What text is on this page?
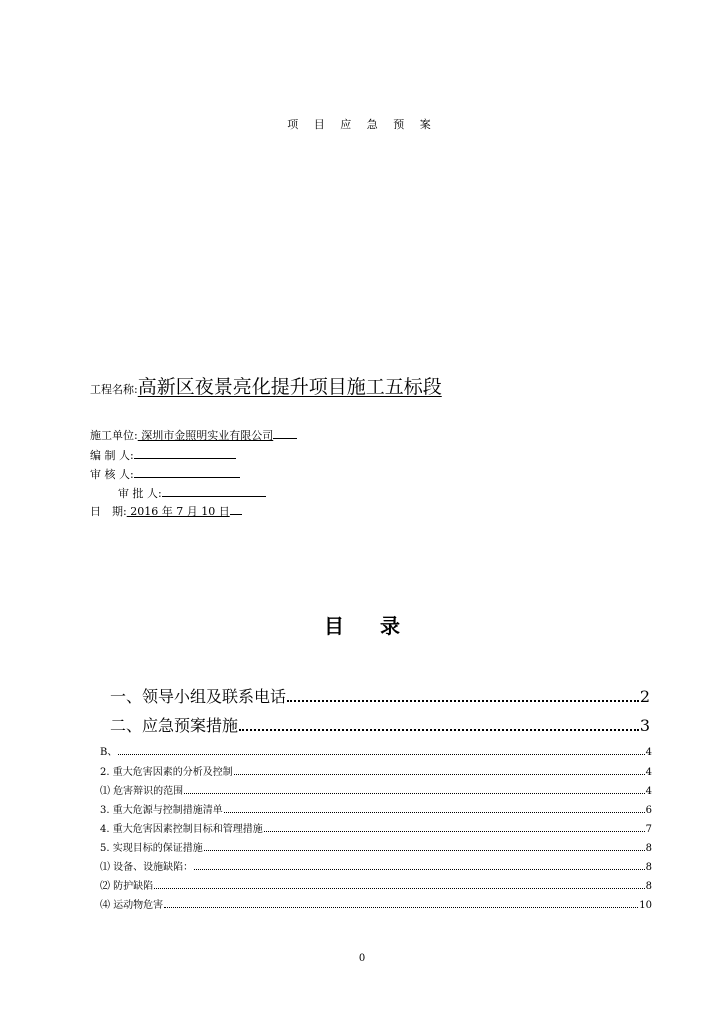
项 目 应 急 预 案
工程名称:高新区夜景亮化提升项目施工五标段
施工单位: 深圳市金照明实业有限公司
编 制 人:
审 核 人:
审 批 人:
日　期: 2016 年 7 月 10 日
目录
一、领导小组及联系电话	2
二、应急预案措施	3
B、	4
2. 重大危害因素的分析及控制	4
⑴ 危害辩识的范围	4
3. 重大危源与控制措施清单	6
4. 重大危害因素控制目标和管理措施	7
5. 实现目标的保证措施	8
⑴ 设备、设施缺陷：	8
⑵ 防护缺陷	8
⑷ 运动物危害	10
0
